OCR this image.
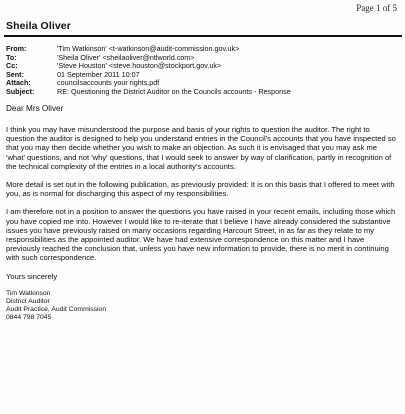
Page 1 of 5
Sheila Oliver
From:	'Tim Watkinson' <t-watkinson@audit-commission.gov.uk>
To:	'Sheila Oliver' <sheilaoliver@ntlworld.com>
Cc:	'Steve Houston' <steve.houston@stockport.gov.uk>
Sent:	01 September 2011 10:07
Attach:	councilsaccounts your rights.pdf
Subject:	RE: Questioning the District Auditor on the Councils accounts - Response
Dear Mrs Oliver

I think you may have misunderstood the purpose and basis of your rights to question the auditor. The right to question the auditor is designed to help you understand entries in the Council's accounts that you have inspected so that you may then decide whether you wish to make an objection. As such it is envisaged that you may ask me 'what' questions, and not 'why' questions, that I would seek to answer by way of clarification, partly in recognition of the technical complexity of the entries in a local authority's accounts.

More detail is set out in the following publication, as previously provided: It is on this basis that I offered to meet with you, as is normal for discharging this aspect of my responsibilities.

I am therefore not in a position to answer the questions you have raised in your recent emails, including those which you have copied me into. However I would like to re-iterate that I believe I have already considered the substantive issues you have previously raised on many occasions regarding Harcourt Street, in as far as they relate to my responsibilities as the appointed auditor. We have had extensive correspondence on this matter and I have previously reached the conclusion that, unless you have new information to provide, there is no merit in continuing with such correspondence.

Yours sincerely

Tim Watkinson

District Auditor

Audit Practice, Audit Commission

0844 798 7045
